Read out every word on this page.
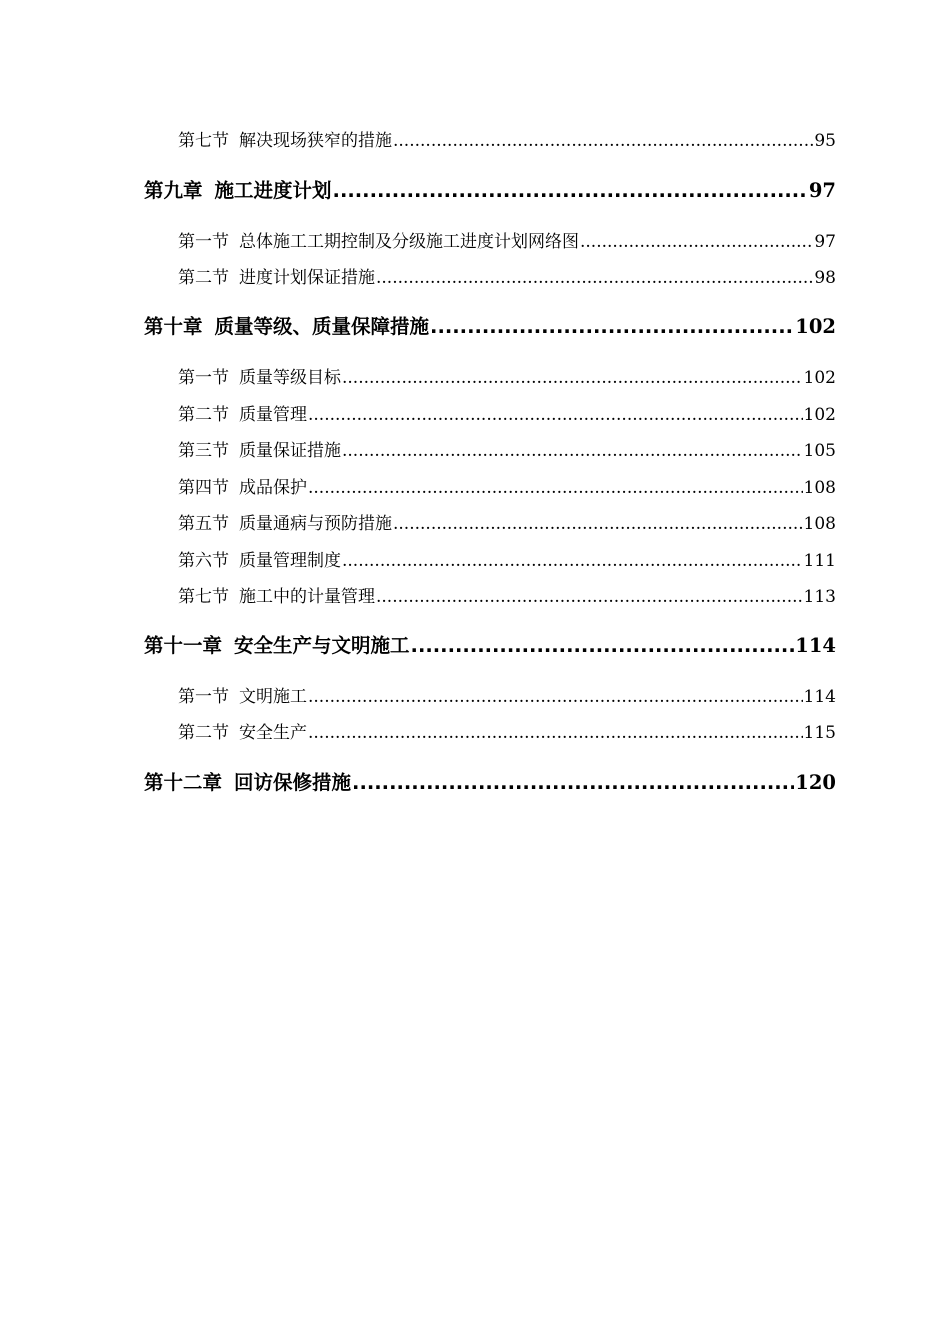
第七节 解决现场狭窄的措施 .....	95
第九章 施工进度计划 .....	97
第一节 总体施工工期控制及分级施工进度计划网络图 .....	97
第二节 进度计划保证措施 .....	98
第十章 质量等级、质量保障措施 .....	102
第一节 质量等级目标 .....	102
第二节 质量管理 .....	102
第三节 质量保证措施 .....	105
第四节 成品保护 .....	108
第五节 质量通病与预防措施 .....	108
第六节 质量管理制度 .....	111
第七节 施工中的计量管理 .....	113
第十一章 安全生产与文明施工 .....	114
第一节 文明施工 .....	114
第二节 安全生产 .....	115
第十二章 回访保修措施 .....	120
